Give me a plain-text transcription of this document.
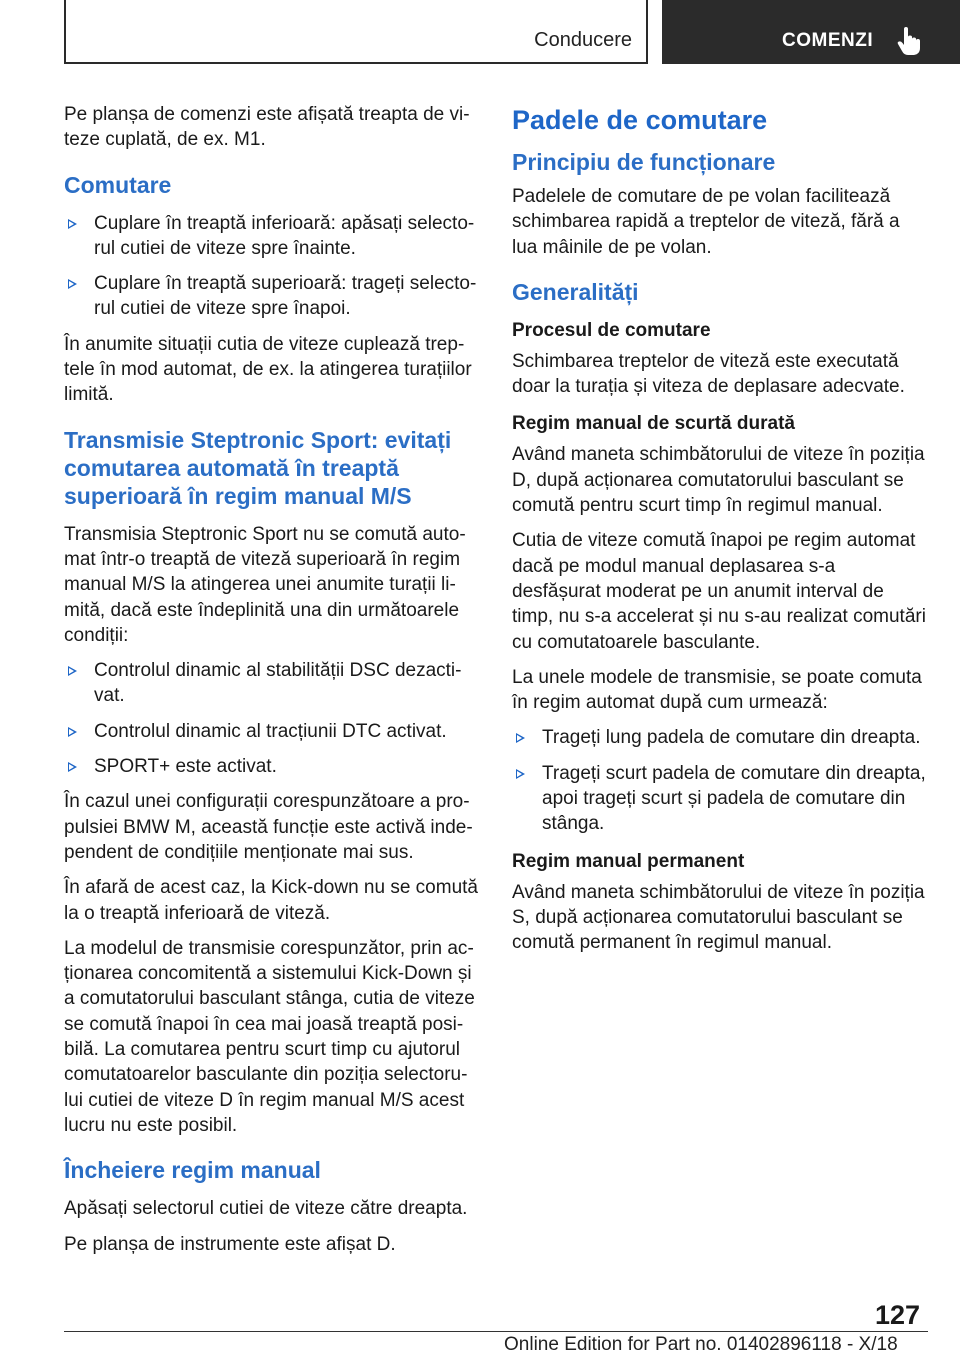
Conducere	COMENZI

Pe planșa de comenzi este afișată treapta de viteze cuplată, de ex. M1.

Comutare
Cuplare în treaptă inferioară: apăsați selectorul cutiei de viteze spre înainte.
Cuplare în treaptă superioară: trageți selectorul cutiei de viteze spre înapoi.

În anumite situații cutia de viteze cuplează treptele în mod automat, de ex. la atingerea turațiilor limită.

Transmisie Steptronic Sport: evitați comutarea automată în treaptă superioară în regim manual M/S

Transmisia Steptronic Sport nu se comută automat într-o treaptă de viteză superioară în regim manual M/S la atingerea unei anumite turații limită, dacă este îndeplinită una din următoarele condiții:

Controlul dinamic al stabilității DSC dezactivat.
Controlul dinamic al tracțiunii DTC activat.
SPORT+ este activat.

În cazul unei configurații corespunzătoare a propulsiei BMW M, această funcție este activă independent de condițiile menționate mai sus.

În afară de acest caz, la Kick-down nu se comută la o treaptă inferioară de viteză.

La modelul de transmisie corespunzător, prin acționarea concomitentă a sistemului Kick-Down și a comutatorului basculant stânga, cutia de viteze se comută înapoi în cea mai joasă treaptă posibilă. La comutarea pentru scurt timp cu ajutorul comutatoarelor basculante din poziția selectorului cutiei de viteze D în regim manual M/S acest lucru nu este posibil.

Încheiere regim manual

Apăsați selectorul cutiei de viteze către dreapta.

Pe planșa de instrumente este afișat D.

Padele de comutare
Principiu de funcționare

Padelele de comutare de pe volan facilitează schimbarea rapidă a treptelor de viteză, fără a lua mâinile de pe volan.

Generalități
Procesul de comutare

Schimbarea treptelor de viteză este executată doar la turația și viteza de deplasare adecvate.

Regim manual de scurtă durată

Având maneta schimbătorului de viteze în poziția D, după acționarea comutatorului basculant se comută pentru scurt timp în regimul manual.

Cutia de viteze comută înapoi pe regim automat dacă pe modul manual deplasarea s-a desfășurat moderat pe un anumit interval de timp, nu s-a accelerat și nu s-au realizat comutări cu comutatoarele basculante.

La unele modele de transmisie, se poate comuta în regim automat după cum urmează:

Trageți lung padela de comutare din dreapta.
Trageți scurt padela de comutare din dreapta, apoi trageți scurt și padela de comutare din stânga.
Regim manual permanent

Având maneta schimbătorului de viteze în poziția S, după acționarea comutatorului basculant se comută permanent în regimul manual.

127
Online Edition for Part no. 01402896118 - X/18
